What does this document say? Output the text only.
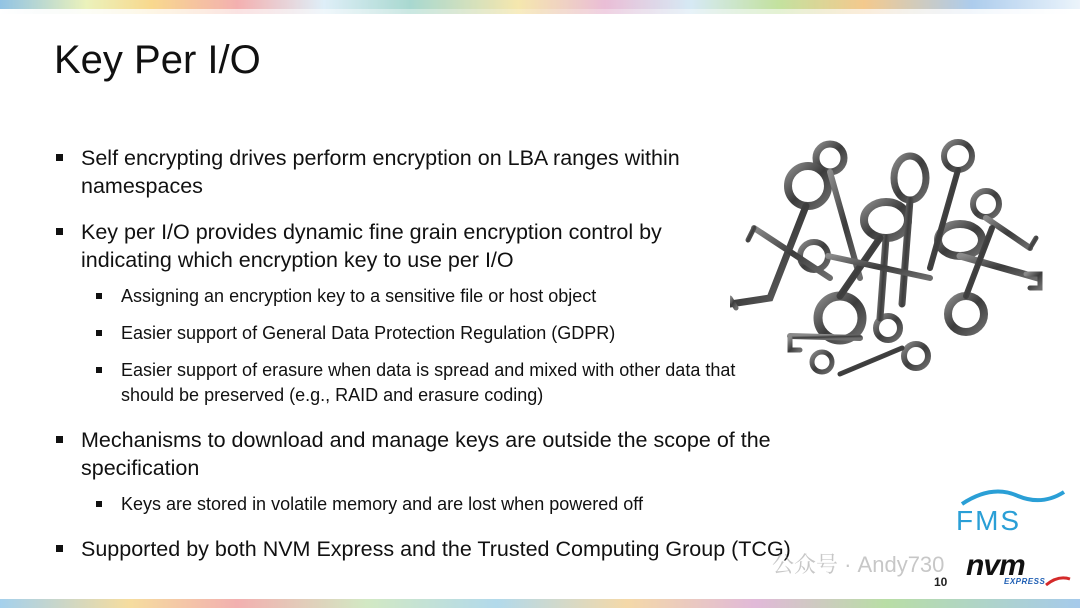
Key Per I/O
Self encrypting drives perform encryption on LBA ranges within namespaces
Key per I/O provides dynamic fine grain encryption control by indicating which encryption key to use per I/O
Assigning an encryption key to a sensitive file or host object
Easier support of General Data Protection Regulation (GDPR)
Easier support of erasure when data is spread and mixed with other data that should be preserved (e.g., RAID and erasure coding)
Mechanisms to download and manage keys are outside the scope of the specification
Keys are stored in volatile memory and are lost when powered off
Supported by both NVM Express and the Trusted Computing Group (TCG)
FMS
公众号 · Andy730
10 nvm
EXPRESS
